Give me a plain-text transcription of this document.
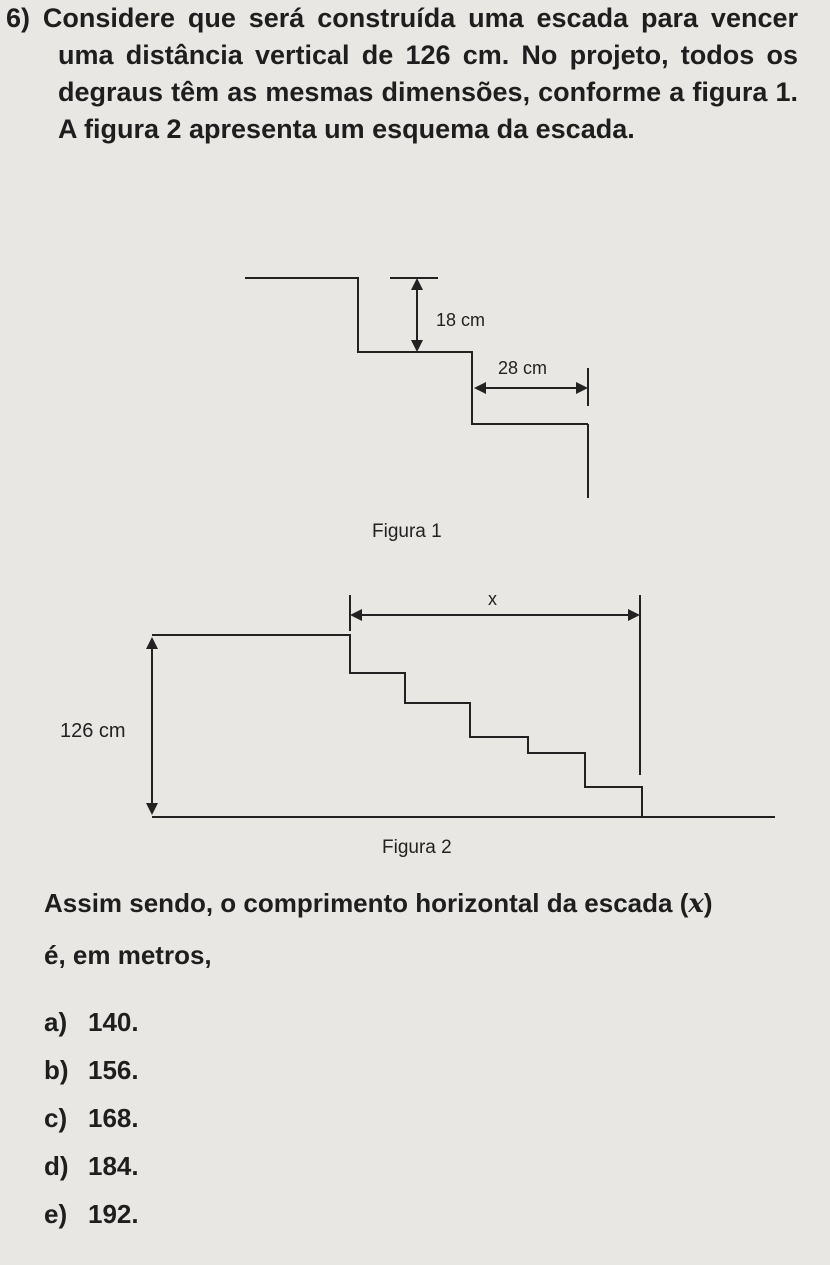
6) Considere que será construída uma escada para vencer uma distância vertical de 126 cm. No projeto, todos os degraus têm as mesmas dimensões, conforme a figura 1. A figura 2 apresenta um esquema da escada.

18 cm
28 cm
Figura 1
x
126 cm
Figura 2

Assim sendo, o comprimento horizontal da escada (x)

é, em metros,

a) 140.
b) 156.
c) 168.
d) 184.
e) 192.
